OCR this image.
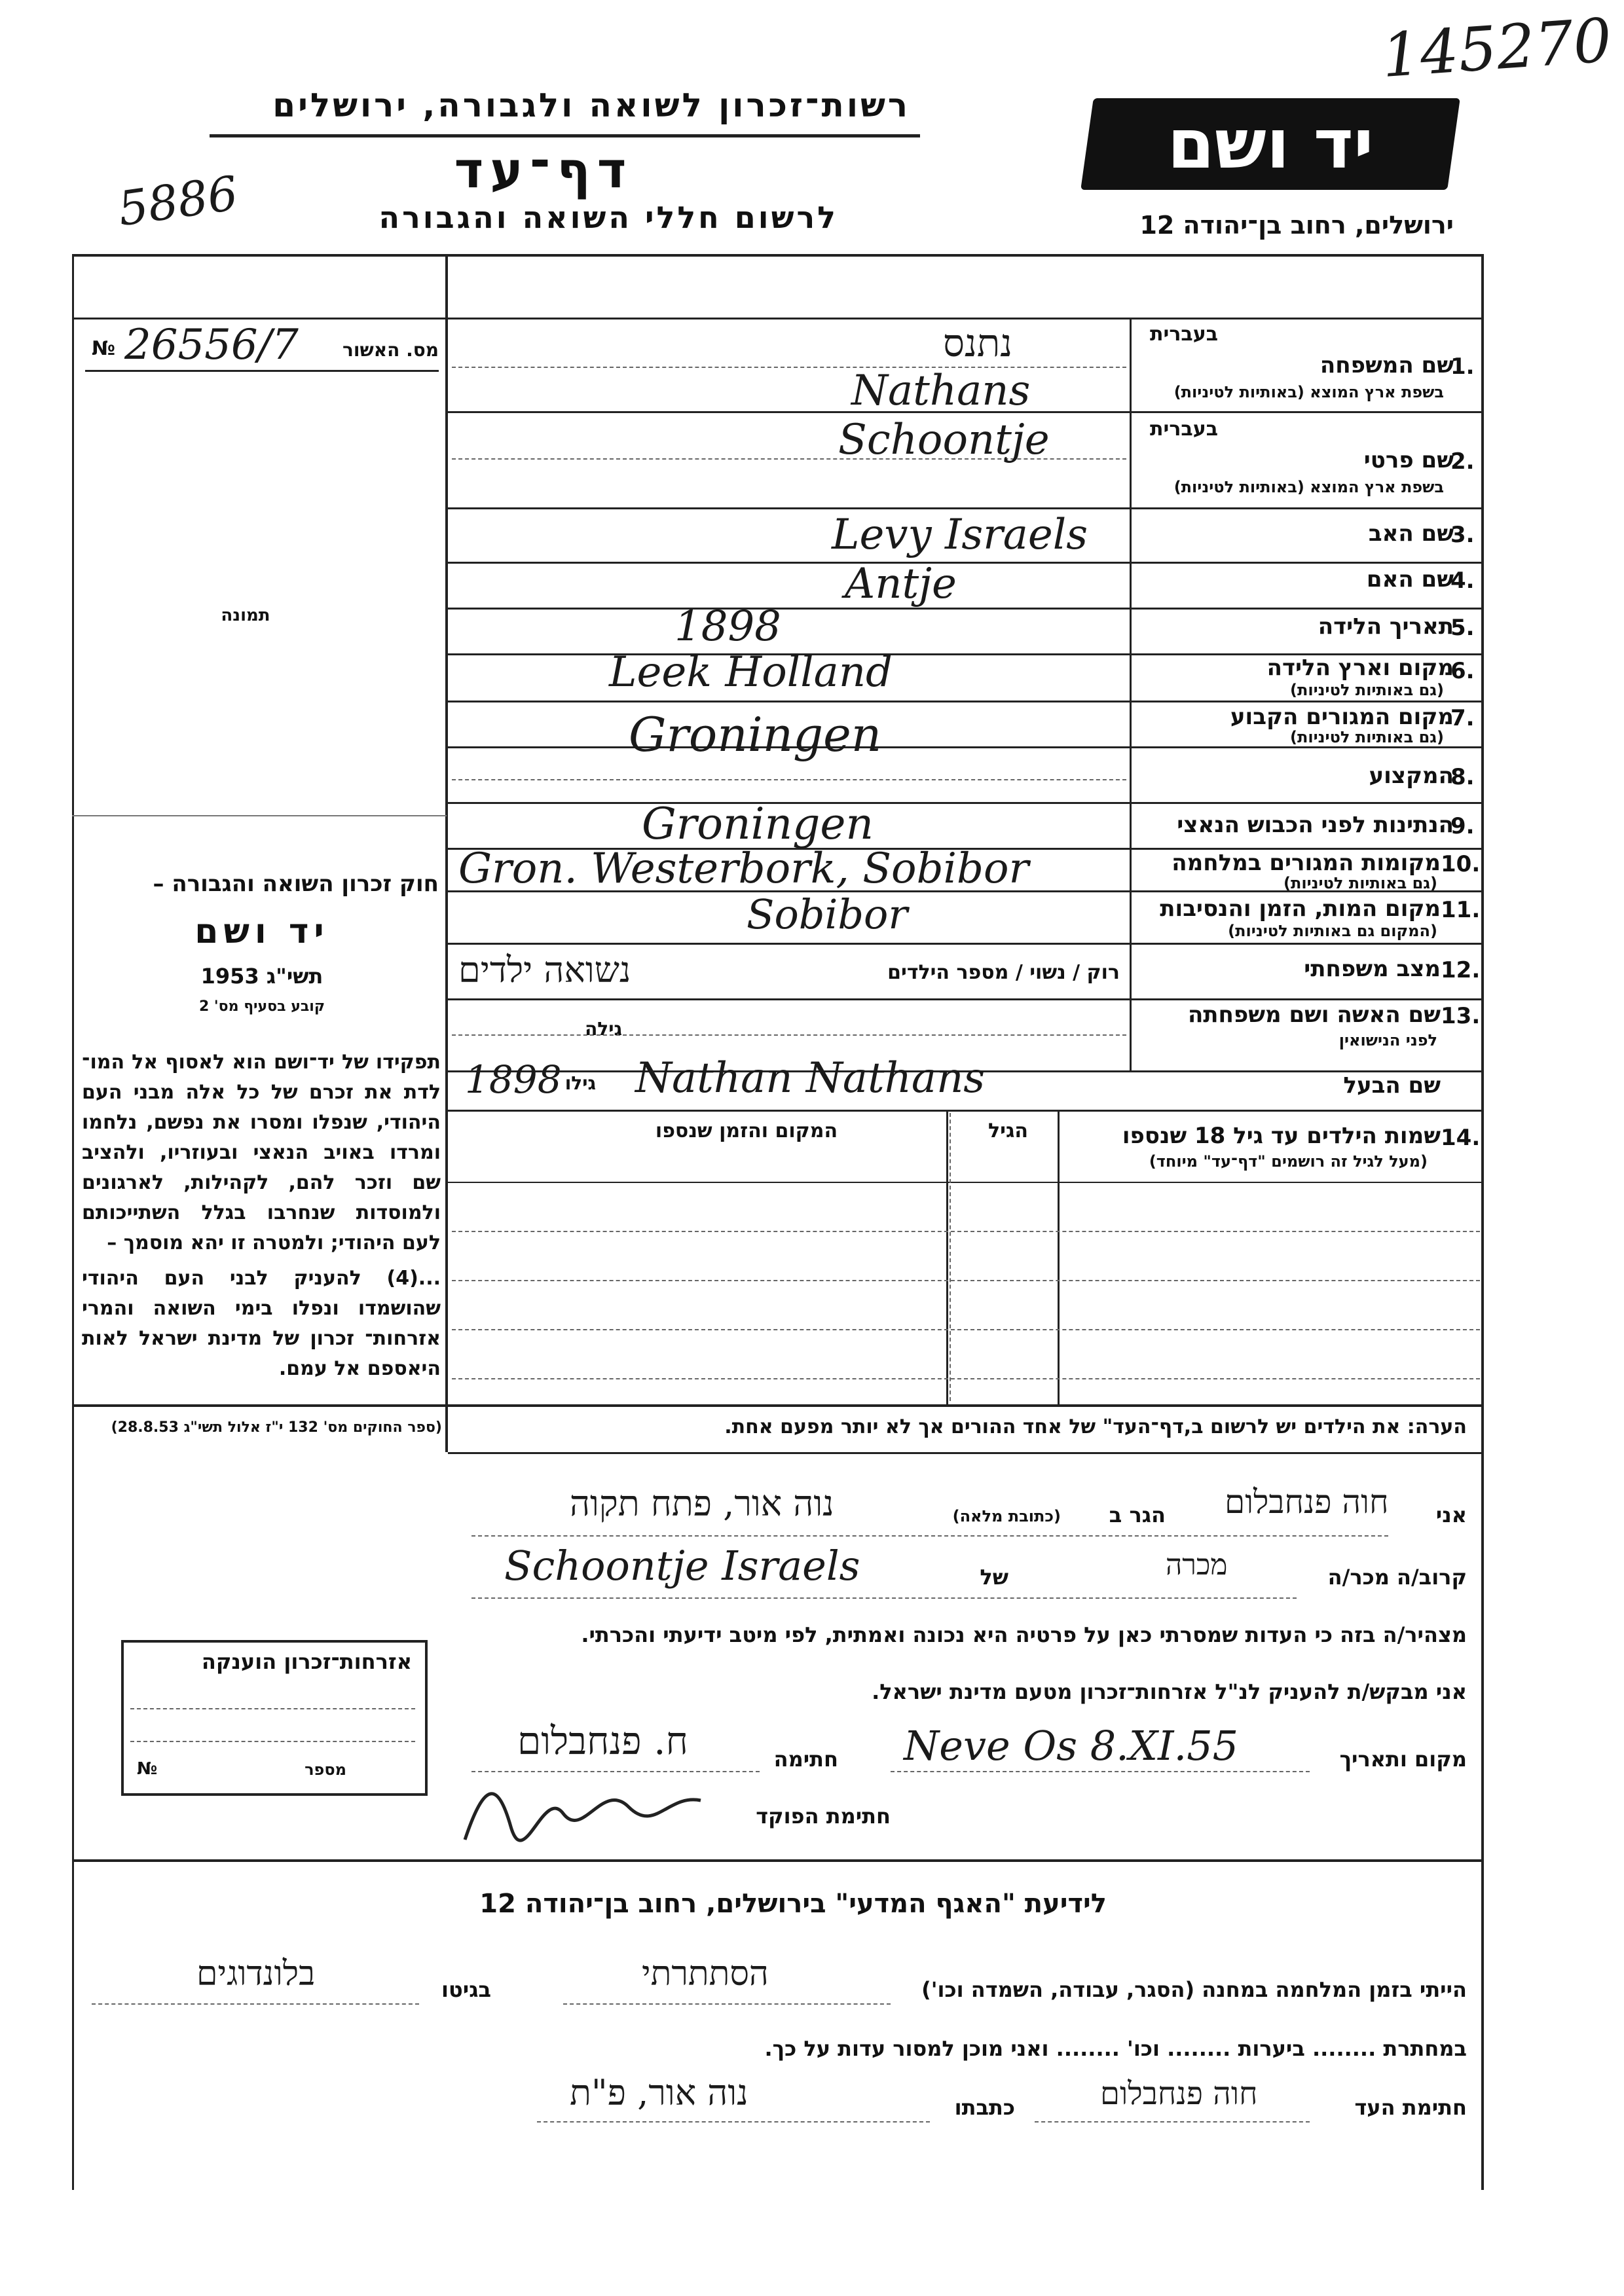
145270
5886
רשות־זכרון לשואה ולגבורה, ירושלים
דף־עד
לרשום חללי השואה והגבורה
יד ושם
ירושלים, רחוב בן־יהודה 12
מס. האשור
№ 26556/7
תמונה
חוק זכרון השואה והגבורה –
יד ושם
תשי"ג 1953
קובע בסעיף מס' 2
תפקידו של יד־ושם הוא לאסוף אל המו־ לדת את זכרם של כל אלה מבני העם היהודי, שנפלו ומסרו את נפשם, נלחמו ומרדו באויב הנאצי ובעוזריו, ולהציב שם וזכר להם, לקהילות, לארגונים ולמוסדות שנחרבו בגלל השתייכותם לעם היהודי; ולמטרה זו יהא מוסמך –
...(4) להעניק לבני העם היהודי שהושמדו ונפלו בימי השואה והמרי אזרחות־ זכרון של מדינת ישראל לאות היאספם אל עמם.
(ספר החוקים מס' 132 י"ז אלול תשי"ג 28.8.53)
בעברית
שם המשפחה
1.
בשפת ארץ המוצא (באותיות לטיניות)
נתנס
Nathans
בעברית
שם פרטי
2.
בשפת ארץ המוצא (באותיות לטיניות)
Schoontje
שם האב
3.
Levy Israels
שם האם
4.
Antje
תאריך הלידה
5.
1898
מקום וארץ הלידה
6.
(גם באותיות לטיניות)
Leek Holland
מקום המגורים הקבוע
7.
(גם באותיות לטיניות)
Groningen
המקצוע
8.
הנתינות לפני הכבוש הנאצי
9.
Groningen
מקומות המגורים במלחמה 10.
(גם באותיות לטיניות)
Gron. Westerbork, Sobibor
מקום המות, הזמן והנסיבות 11.
(המקום גם באותיות לטיניות)
Sobibor
מצב משפחתי 12.
רוק / נשוי / מספר הילדים
נשואה ילדים
שם האשה ושם משפחתה 13.
לפני הנישואין
גילה
שם הבעל
Nathan Nathans
גילו
1898
14.
שמות הילדים עד גיל 18 שנספו
(מעל לגיל זה רושמים "דף־עד" מיוחד)
הגיל
המקום והזמן שנספו
הערה: את הילדים יש לרשום ב,דף־העד" של אחד ההורים אך לא יותר מפעם אחת.
אני
חוה פנחבלום
הגר ב
(כתובת מלאה)
נוה אור, פתח תקוה
קרוב/ה מכר/ה
מכרה
של
Schoontje Israels
מצהיר/ה בזה כי העדות שמסרתי כאן על פרטיה היא נכונה ואמתית, לפי מיטב ידיעתי והכרתי.
אני מבקש/ת להעניק לנ"ל אזרחות־זכרון מטעם מדינת ישראל.
מקום ותאריך
Neve Os 8.XI.55
חתימה
ח. פנחבלום
חתימת הפוקד
אזרחות־זכרון הוענקה
מספר
№
לידיעת "האגף המדעי" בירושלים, רחוב בן־יהודה 12
הייתי בזמן המלחמה במחנה (הסגר, עבודה, השמדה וכו')
הסתתרתי
בגיטו
בלונדוגים
במחתרת ........ ביערות ........ וכו' ........ ואני מוכן למסור עדות על כך.
חתימת העד
חוה פנחבלום
כתבתו
נוה אור, פ"ת
